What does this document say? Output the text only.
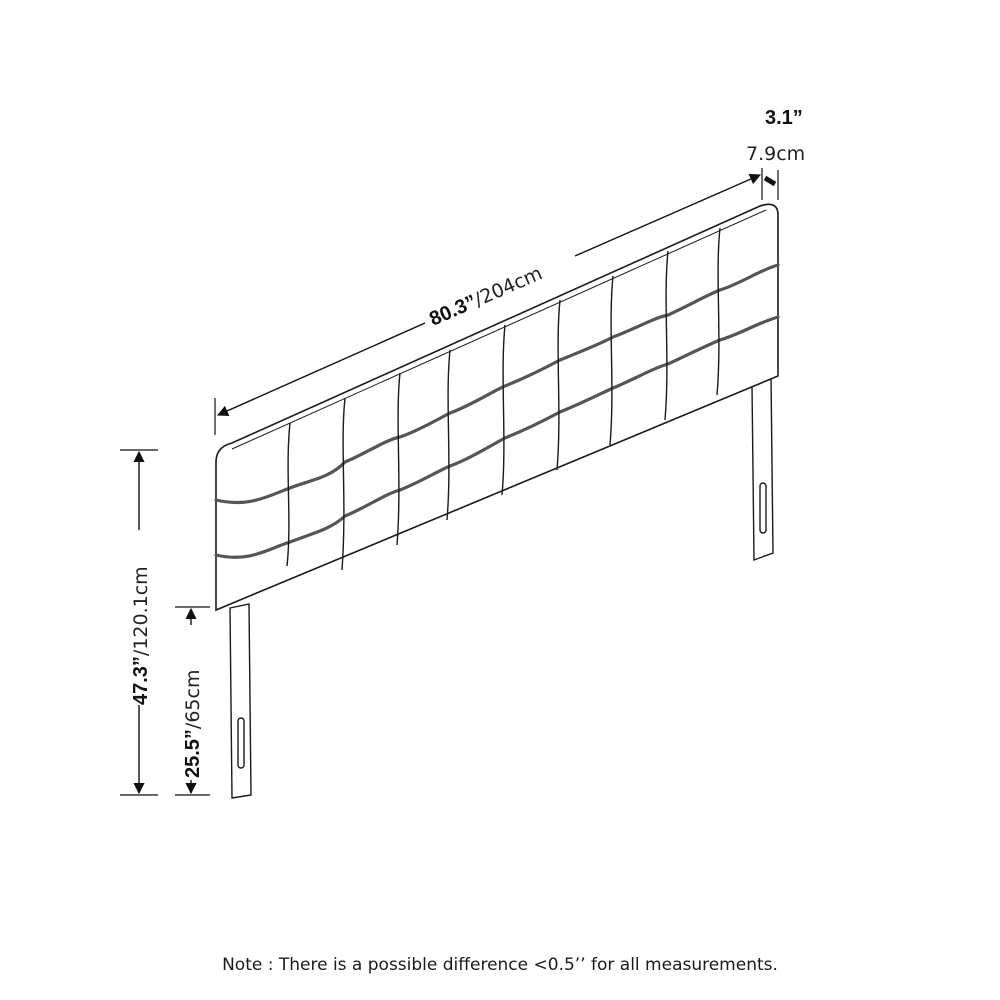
80.3”/204cm
3.1”
7.9cm
47.3”/120.1cm
25.5”/65cm
Note : There is a possible difference <0.5’’ for all measurements.
